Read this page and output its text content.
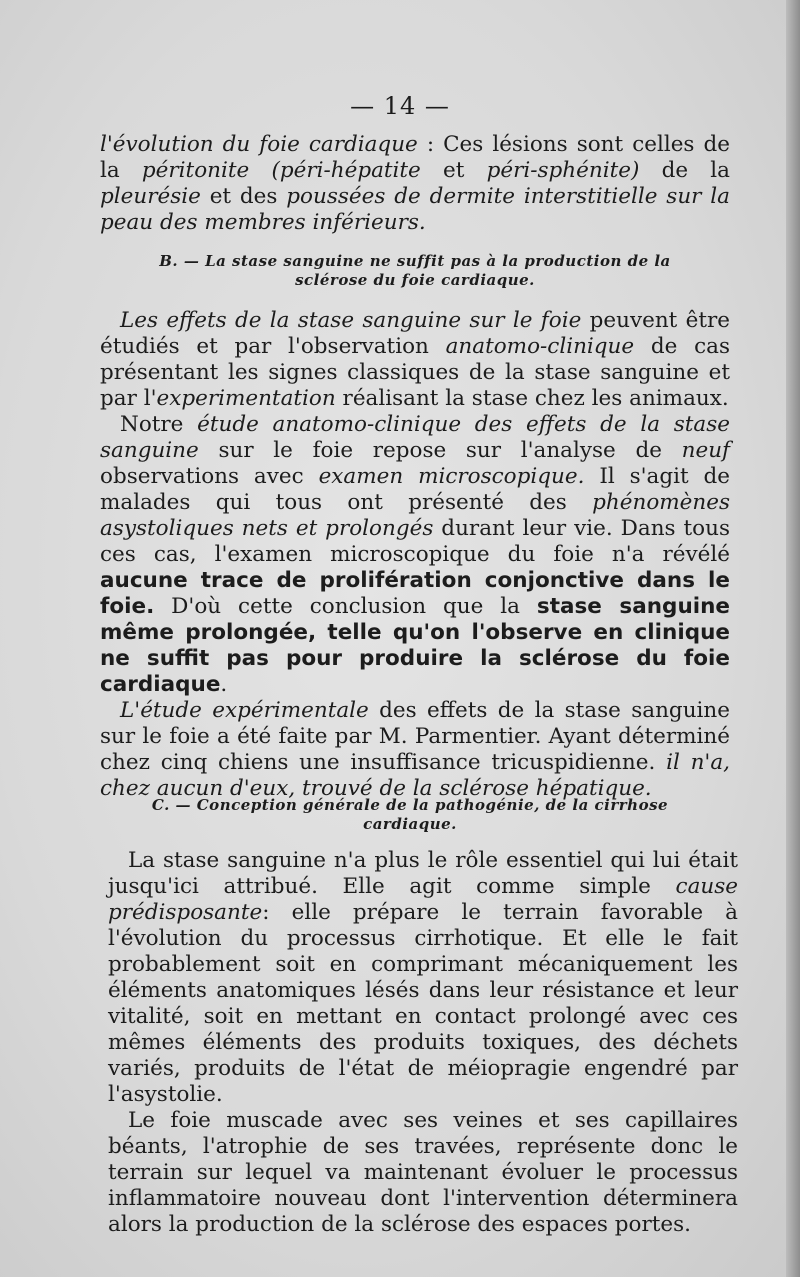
— 14 —

l'évolution du foie cardiaque : Ces lésions sont celles de la péritonite (péri-hépatite et péri-sphénite) de la pleurésie et des poussées de dermite interstitielle sur la peau des membres inférieurs.

B. — La stase sanguine ne suffit pas à la production de la sclérose du foie cardiaque.

Les effets de la stase sanguine sur le foie peuvent être étudiés et par l'observation anatomo-clinique de cas présentant les signes classiques de la stase sanguine et par l'experimentation réalisant la stase chez les animaux.

Notre étude anatomo-clinique des effets de la stase sanguine sur le foie repose sur l'analyse de neuf observations avec examen microscopique. Il s'agit de malades qui tous ont présenté des phénomènes asystoliques nets et prolongés durant leur vie. Dans tous ces cas, l'examen microscopique du foie n'a révélé aucune trace de prolifération conjonctive dans le foie. D'où cette conclusion que la stase sanguine même prolongée, telle qu'on l'observe en clinique ne suffit pas pour produire la sclérose du foie cardiaque.

L'étude expérimentale des effets de la stase sanguine sur le foie a été faite par M. Parmentier. Ayant déterminé chez cinq chiens une insuffisance tricuspidienne. il n'a, chez aucun d'eux, trouvé de la sclérose hépatique.

C. — Conception générale de la pathogénie, de la cirrhose cardiaque.

La stase sanguine n'a plus le rôle essentiel qui lui était jusqu'ici attribué. Elle agit comme simple cause prédisposante: elle prépare le terrain favorable à l'évolution du processus cirrhotique. Et elle le fait probablement soit en comprimant mécaniquement les éléments anatomiques lésés dans leur résistance et leur vitalité, soit en mettant en contact prolongé avec ces mêmes éléments des produits toxiques, des déchets variés, produits de l'état de méiopragie engendré par l'asystolie.

Le foie muscade avec ses veines et ses capillaires béants, l'atrophie de ses travées, représente donc le terrain sur lequel va maintenant évoluer le processus inflammatoire nouveau dont l'intervention déterminera alors la production de la sclérose des espaces portes.
